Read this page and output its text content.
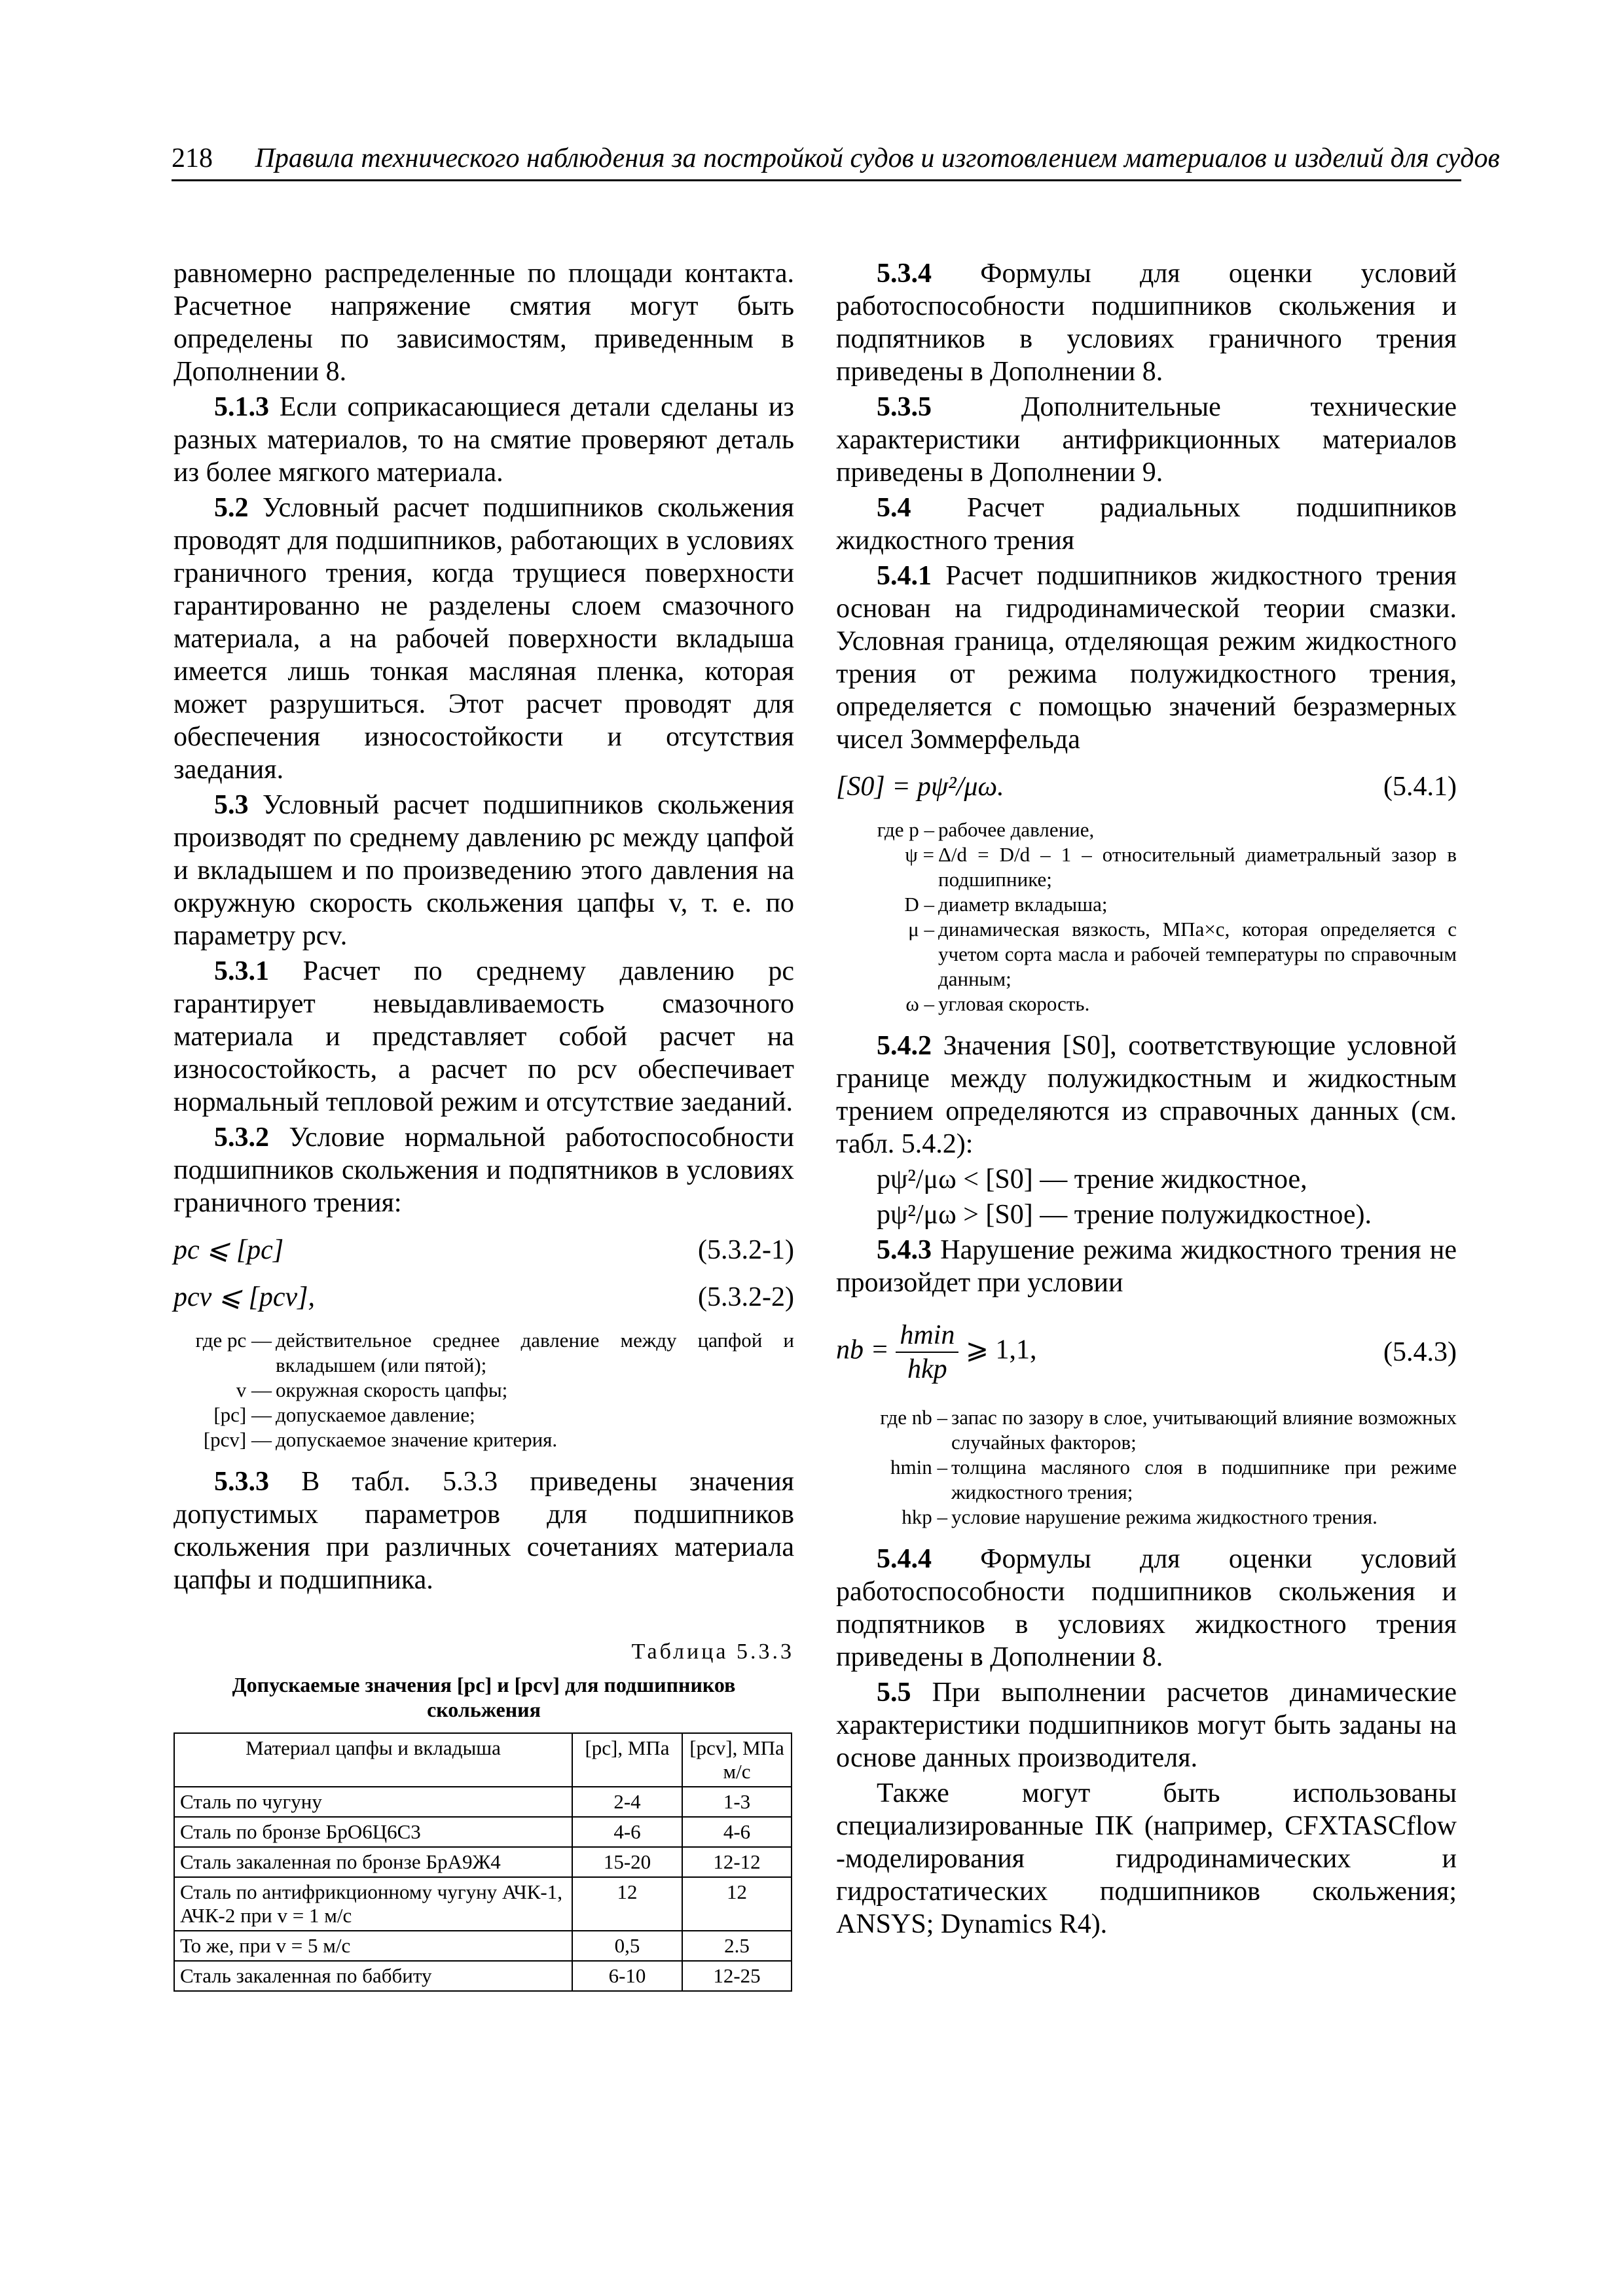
218 Правила технического наблюдения за постройкой судов и изготовлением материалов и изделий для судов

равномерно распределенные по площади контакта. Расчетное напряжение смятия могут быть определены по зависимостям, приведенным в Дополнении 8.

5.1.3 Если соприкасающиеся детали сделаны из разных материалов, то на смятие проверяют деталь из более мягкого материала.

5.2 Условный расчет подшипников скольжения проводят для подшипников, работающих в условиях граничного трения, когда трущиеся поверхности гарантированно не разделены слоем смазочного материала, а на рабочей поверхности вкладыша имеется лишь тонкая масляная пленка, которая может разрушиться. Этот расчет проводят для обеспечения износостойкости и отсутствия заедания.

5.3 Условный расчет подшипников скольжения производят по среднему давлению pc между цапфой и вкладышем и по произведению этого давления на окружную скорость скольжения цапфы v, т. е. по параметру pcv.

5.3.1 Расчет по среднему давлению pc гарантирует невыдавливаемость смазочного материала и представляет собой расчет на износостойкость, а расчет по pcv обеспечивает нормальный тепловой режим и отсутствие заеданий.

5.3.2 Условие нормальной работоспособности подшипников скольжения и подпятников в условиях граничного трения:

pc ⩽ [pc]	(5.3.2-1)
pcv ⩽ [pcv],	(5.3.2-2)
где pc — действительное среднее давление между цапфой и вкладышем (или пятой);
v — окружная скорость цапфы;
[pc] — допускаемое давление;
[pcv] — допускаемое значение критерия.

5.3.3 В табл. 5.3.3 приведены значения допустимых параметров для подшипников скольжения при различных сочетаниях материала цапфы и подшипника.

Таблица 5.3.3
Допускаемые значения [pc] и [pcv] для подшипников скольжения
Материал цапфы и вкладыша	[pc], МПа	[pcv], МПа м/с
Сталь по чугуну	2-4	1-3
Сталь по бронзе БрО6Ц6С3	4-6	4-6
Сталь закаленная по бронзе БрА9Ж4	15-20	12-12
Сталь по антифрикционному чугуну АЧК-1, АЧК-2 при v = 1 м/с	12	12
То же, при v = 5 м/с	0,5	2.5
Сталь закаленная по баббиту	6-10	12-25

5.3.4 Формулы для оценки условий работоспособности подшипников скольжения и подпятников в условиях граничного трения приведены в Дополнении 8.

5.3.5 Дополнительные технические характеристики антифрикционных материалов приведены в Дополнении 9.

5.4 Расчет радиальных подшипников жидкостного трения

5.4.1 Расчет подшипников жидкостного трения основан на гидродинамической теории смазки. Условная граница, отделяющая режим жидкостного трения от режима полужидкостного трения, определяется с помощью значений безразмерных чисел Зоммерфельда

[S0] = pψ²/μω.	(5.4.1)
где p – рабочее давление,
ψ = Δ/d = D/d – 1 – относительный диаметральный зазор в подшипнике;
D – диаметр вкладыша;
μ – динамическая вязкость, МПа×с, которая определяется с учетом сорта масла и рабочей температуры по справочным данным;
ω – угловая скорость.

5.4.2 Значения [S0], соответствующие условной границе между полужидкостным и жидкостным трением определяются из справочных данных (см. табл. 5.4.2):

pψ²/μω < [S0] — трение жидкостное,

pψ²/μω > [S0] — трение полужидкостное).

5.4.3 Нарушение режима жидкостного трения не произойдет при условии

nb = $\frac{hmin}{\text{hkp}}$ ⩾ 1,1,	(5.4.3)
где nb – запас по зазору в слое, учитывающий влияние возможных случайных факторов;
hmin – толщина масляного слоя в подшипнике при режиме жидкостного трения;
hkp – условие нарушение режима жидкостного трения.

5.4.4 Формулы для оценки условий работоспособности подшипников скольжения и подпятников в условиях жидкостного трения приведены в Дополнении 8.

5.5 При выполнении расчетов динамические характеристики подшипников могут быть заданы на основе данных производителя.

Также могут быть использованы специализированные ПК (например, CFXTASCflow -моделирования гидродинамических и гидростатических подшипников скольжения; ANSYS; Dynamics R4).
